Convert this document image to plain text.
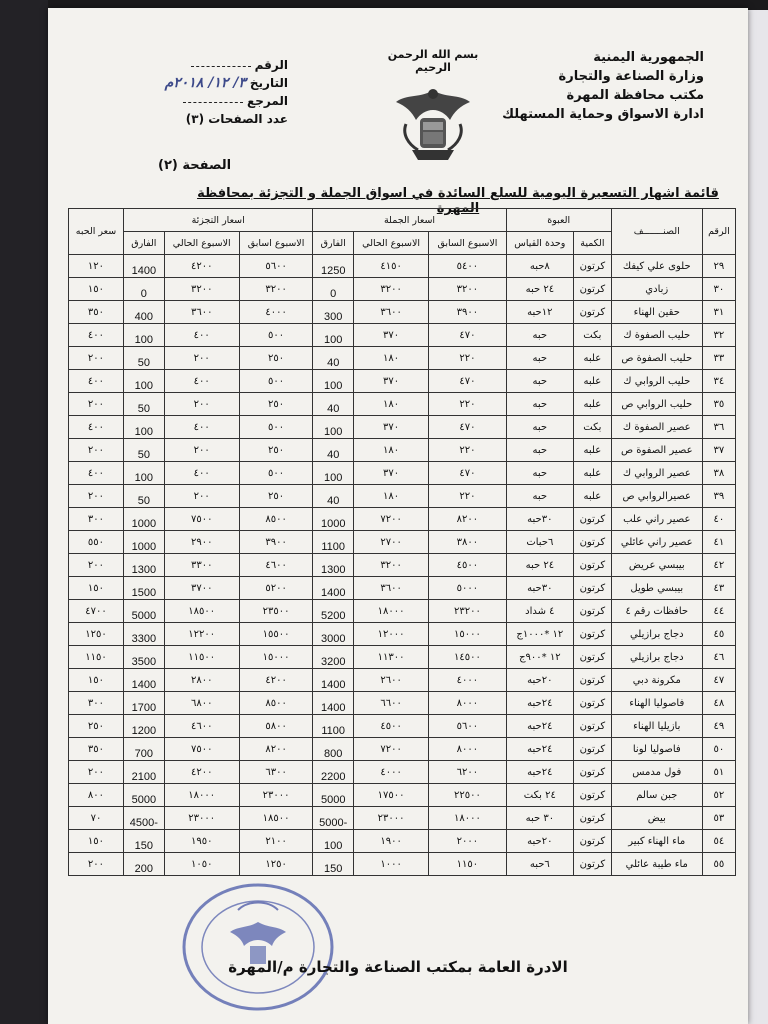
الجمهورية اليمنية
وزارة الصناعة والتجارة
مكتب محافظة المهرة
ادارة الاسواق وحماية المستهلك
بسم الله الرحمن الرحيم
الرقم
التاريخ
٣/ ١٢/ ٢٠١٨م
المرجع
عدد الصفحات (٣)
الصفحة (٢)
قائمة اشهار التسعيرة اليومية للسلع السائدة في اسواق الجملة و التجزئة بمحافظة المهرة
الرقم	الصنـــــــف	العبوة		اسعار الجملة			اسعار التجزئة			سعر الحبه
		الكمية	وحدة القياس	الاسبوع السابق	الاسبوع الحالي	الفارق	الاسبوع اسابق	الاسبوع الحالي	الفارق	
٢٩	حلوى علي كيفك	كرتون	٨حبه	٥٤٠٠	٤١٥٠	1250	٥٦٠٠	٤٢٠٠	1400	١٢٠
٣٠	زبادي	كرتون	٢٤ حبه	٣٢٠٠	٣٢٠٠	0	٣٢٠٠	٣٢٠٠	0	١٥٠
٣١	حقين الهناء	كرتون	١٢حبه	٣٩٠٠	٣٦٠٠	300	٤٠٠٠	٣٦٠٠	400	٣٥٠
٣٢	حليب الصفوة ك	بكت	حبه	٤٧٠	٣٧٠	100	٥٠٠	٤٠٠	100	٤٠٠
٣٣	حليب الصفوة ص	علبه	حبه	٢٢٠	١٨٠	40	٢٥٠	٢٠٠	50	٢٠٠
٣٤	حليب الروابي ك	علبه	حبه	٤٧٠	٣٧٠	100	٥٠٠	٤٠٠	100	٤٠٠
٣٥	حليب الروابي ص	علبه	حبه	٢٢٠	١٨٠	40	٢٥٠	٢٠٠	50	٢٠٠
٣٦	عصير الصفوة ك	بكت	حبه	٤٧٠	٣٧٠	100	٥٠٠	٤٠٠	100	٤٠٠
٣٧	عصير الصفوة ص	علبه	حبه	٢٢٠	١٨٠	40	٢٥٠	٢٠٠	50	٢٠٠
٣٨	عصير الروابي ك	علبه	حبه	٤٧٠	٣٧٠	100	٥٠٠	٤٠٠	100	٤٠٠
٣٩	عصيرالروابي ص	علبه	حبه	٢٢٠	١٨٠	40	٢٥٠	٢٠٠	50	٢٠٠
٤٠	عصير راني علب	كرتون	٣٠حبه	٨٢٠٠	٧٢٠٠	1000	٨٥٠٠	٧٥٠٠	1000	٣٠٠
٤١	عصير راني عائلي	كرتون	٦حبات	٣٨٠٠	٢٧٠٠	1100	٣٩٠٠	٢٩٠٠	1000	٥٥٠
٤٢	بيبسي عريض	كرتون	٢٤ حبه	٤٥٠٠	٣٢٠٠	1300	٤٦٠٠	٣٣٠٠	1300	٢٠٠
٤٣	بيبسي طويل	كرتون	٣٠حبه	٥٠٠٠	٣٦٠٠	1400	٥٢٠٠	٣٧٠٠	1500	١٥٠
٤٤	حافظات رقم ٤	كرتون	٤ شداد	٢٣٢٠٠	١٨٠٠٠	5200	٢٣٥٠٠	١٨٥٠٠	5000	٤٧٠٠
٤٥	دجاج برازيلي	كرتون	١٢ *١٠٠٠ج	١٥٠٠٠	١٢٠٠٠	3000	١٥٥٠٠	١٢٢٠٠	3300	١٢٥٠
٤٦	دجاج برازيلي	كرتون	١٢ *٩٠٠ج	١٤٥٠٠	١١٣٠٠	3200	١٥٠٠٠	١١٥٠٠	3500	١١٥٠
٤٧	مكرونة دبي	كرتون	٢٠حبه	٤٠٠٠	٢٦٠٠	1400	٤٢٠٠	٢٨٠٠	1400	١٥٠
٤٨	فاصوليا الهناء	كرتون	٢٤حبه	٨٠٠٠	٦٦٠٠	1400	٨٥٠٠	٦٨٠٠	1700	٣٠٠
٤٩	بازيليا الهناء	كرتون	٢٤حبه	٥٦٠٠	٤٥٠٠	1100	٥٨٠٠	٤٦٠٠	1200	٢٥٠
٥٠	فاصوليا لونا	كرتون	٢٤حبه	٨٠٠٠	٧٢٠٠	800	٨٢٠٠	٧٥٠٠	700	٣٥٠
٥١	فول مدمس	كرتون	٢٤حبه	٦٢٠٠	٤٠٠٠	2200	٦٣٠٠	٤٢٠٠	2100	٢٠٠
٥٢	جبن سالم	كرتون	٢٤ بكت	٢٢٥٠٠	١٧٥٠٠	5000	٢٣٠٠٠	١٨٠٠٠	5000	٨٠٠
٥٣	بيض	كرتون	٣٠ حبه	١٨٠٠٠	٢٣٠٠٠	-5000	١٨٥٠٠	٢٣٠٠٠	-4500	٧٠
٥٤	ماء الهناء كبير	كرتون	٢٠حبه	٢٠٠٠	١٩٠٠	100	٢١٠٠	١٩٥٠	150	١٥٠
٥٥	ماء طيبة عائلي	كرتون	٦حبه	١١٥٠	١٠٠٠	150	١٢٥٠	١٠٥٠	200	٢٠٠
الادرة العامة بمكتب الصناعة والتجارة م/المهرة
